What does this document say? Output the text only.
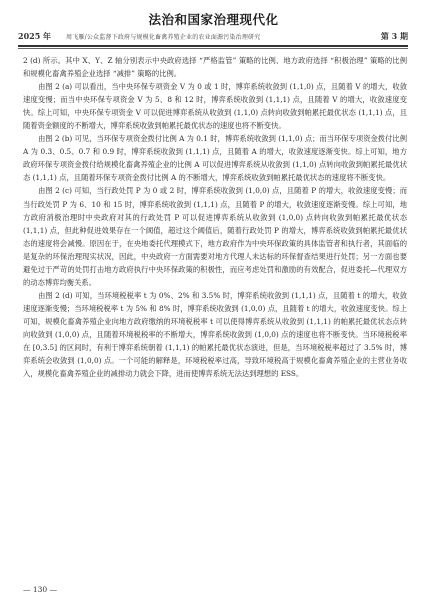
法治和国家治理现代化
2025 年 周飞雁/公众监督下政府与规模化畜禽养殖企业的农业面源污染治理研究	第 3 期

2 (d) 所示。其中 X、Y、Z 轴分别表示中央政府选择 “严格监管” 策略的比例、地方政府选择 “积极治理” 策略的比例和规模化畜禽养殖企业选择 “减排” 策略的比例。

由图 2 (a) 可以看出，当中央环保专项资金 V 为 0 或 1 时，博弈系统收敛到 (1,1,0) 点，且随着 V 的增大，收敛速度变慢；而当中央环保专项资金 V 为 5、8 和 12 时，博弈系统收敛到 (1,1,1) 点，且随着 V 的增大，收敛速度变快。综上可知，中央环保专项资金 V 可以促进博弈系统从收敛到 (1,1,0) 点转向收敛到帕累托最优状态 (1,1,1) 点，且随着资金额度的不断增大，博弈系统收敛到帕累托最优状态的速度也将不断变快。

由图 2 (b) 可见，当环保专项资金拨付比例 A 为 0.1 时，博弈系统收敛到 (1,1,0) 点；而当环保专项资金拨付比例 A 为 0.3、0.5、0.7 和 0.9 时，博弈系统收敛到 (1,1,1) 点，且随着 A 的增大，收敛速度逐渐变快。综上可知，地方政府环保专项资金拨付给规模化畜禽养殖企业的比例 A 可以促进博弈系统从收敛到 (1,1,0) 点转向收敛到帕累托最优状态 (1,1,1) 点，且随着环保专项资金拨付比例 A 的不断增大，博弈系统收敛到帕累托最优状态的速度将不断变快。

由图 2 (c) 可知，当行政处罚 P 为 0 或 2 时，博弈系统收敛到 (1,0,0) 点，且随着 P 的增大，收敛速度变慢；而当行政处罚 P 为 6、10 和 15 时，博弈系统收敛到 (1,1,1) 点，且随着 P 的增大，收敛速度逐渐变慢。综上可知，地方政府消极治理时中央政府对其的行政处罚 P 可以促进博弈系统从收敛到 (1,0,0) 点转向收敛到帕累托最优状态 (1,1,1) 点，但此种促进效果存在一个阈值，超过这个阈值后，随着行政处罚 P 的增大，博弈系统收敛到帕累托最优状态的速度将会减慢。原因在于，在央地委托代理模式下，地方政府作为中央环保政策的具体监管者和执行者，其面临的是复杂的环保治理现实状况，因此，中央政府一方面需要对地方代理人未达标的环保督查结果进行处罚；另一方面也要避免过于严苛的处罚打击地方政府执行中央环保政策的积极性，而应考虑处罚和激励的有效配合，促进委托—代理双方的动态博弈均衡关系。

由图 2 (d) 可知，当环境税税率 t 为 0%、2% 和 3.5% 时，博弈系统收敛到 (1,1,1) 点，且随着 t 的增大，收敛速度逐渐变慢；当环境税税率 t 为 5% 和 8% 时，博弈系统收敛到 (1,0,0) 点，且随着 t 的增大，收敛速度变快。综上可知，规模化畜禽养殖企业向地方政府缴纳的环境税税率 t 可以使得博弈系统从收敛到 (1,1,1) 的帕累托最优状态点转向收敛到 (1,0,0) 点，且随着环境税税率的不断增大，博弈系统收敛到 (1,0,0) 点的速度也将不断变快。当环境税税率在 [0,3.5] 的区间时，有利于博弈系统朝着 (1,1,1) 的帕累托最优状态演进，但是，当环境税税率超过了 3.5% 时，博弈系统会收敛到 (1,0,0) 点。一个可能的解释是，环境税税率过高，导致环境税高于规模化畜禽养殖企业的主营业务收入，规模化畜禽养殖企业的减排动力就会下降，进而使博弈系统无法达到理想的 ESS。

— 130 —
